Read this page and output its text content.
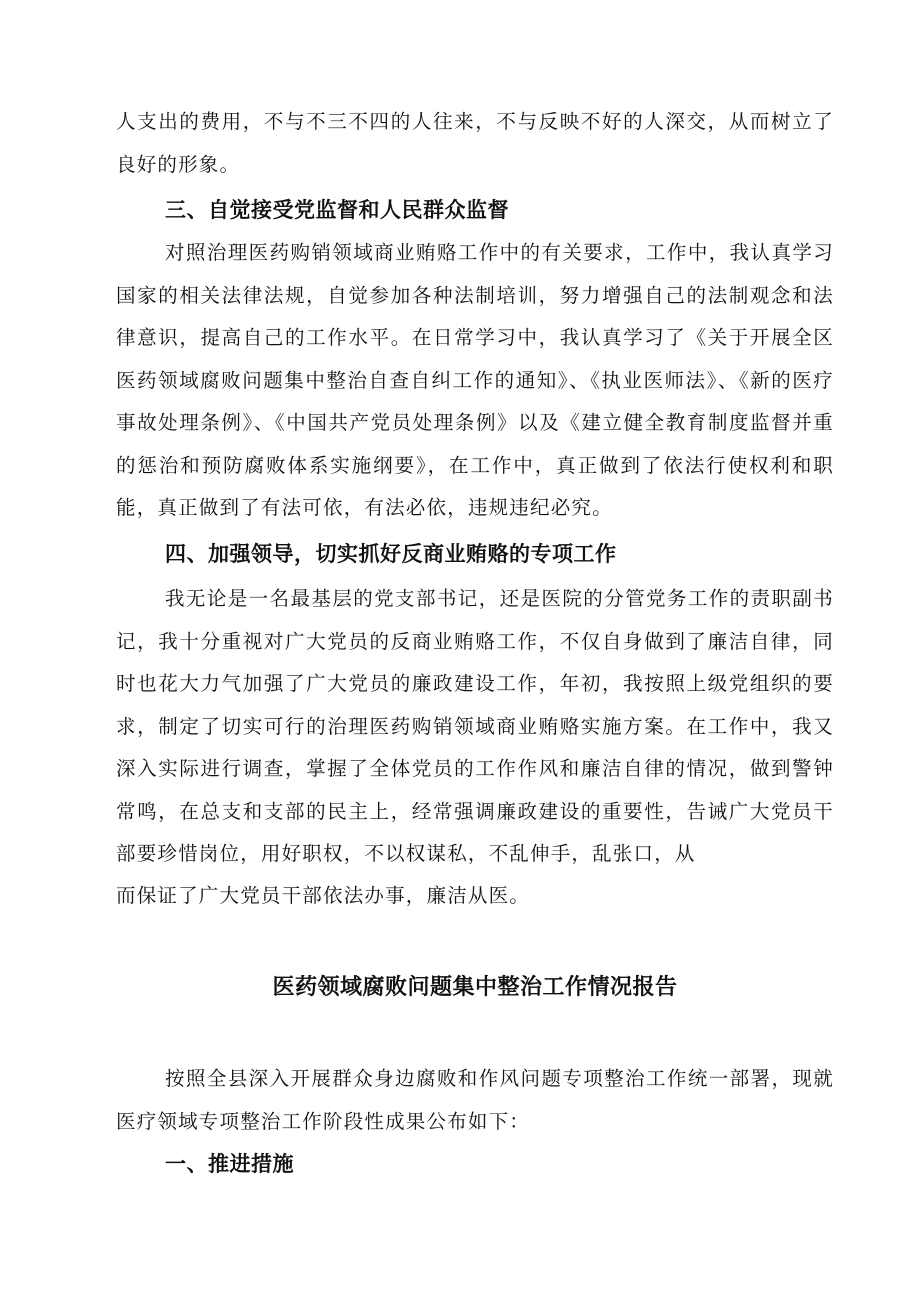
人支出的费用，不与不三不四的人往来，不与反映不好的人深交，从而树立了良好的形象。

三、自觉接受党监督和人民群众监督

对照治理医药购销领域商业贿赂工作中的有关要求，工作中，我认真学习国家的相关法律法规，自觉参加各种法制培训，努力增强自己的法制观念和法律意识，提高自己的工作水平。在日常学习中，我认真学习了《关于开展全区医药领域腐败问题集中整治自查自纠工作的通知》、《执业医师法》、《新的医疗事故处理条例》、《中国共产党员处理条例》以及《建立健全教育制度监督并重的惩治和预防腐败体系实施纲要》，在工作中，真正做到了依法行使权利和职能，真正做到了有法可依，有法必依，违规违纪必究。

四、加强领导，切实抓好反商业贿赂的专项工作

我无论是一名最基层的党支部书记，还是医院的分管党务工作的责职副书记，我十分重视对广大党员的反商业贿赂工作，不仅自身做到了廉洁自律，同时也花大力气加强了广大党员的廉政建设工作，年初，我按照上级党组织的要求，制定了切实可行的治理医药购销领域商业贿赂实施方案。在工作中，我又深入实际进行调查，掌握了全体党员的工作作风和廉洁自律的情况，做到警钟常鸣，在总支和支部的民主上，经常强调廉政建设的重要性，告诫广大党员干部要珍惜岗位，用好职权，不以权谋私，不乱伸手，乱张口，从

而保证了广大党员干部依法办事，廉洁从医。

医药领域腐败问题集中整治工作情况报告

按照全县深入开展群众身边腐败和作风问题专项整治工作统一部署，现就医疗领域专项整治工作阶段性成果公布如下：

一、推进措施
